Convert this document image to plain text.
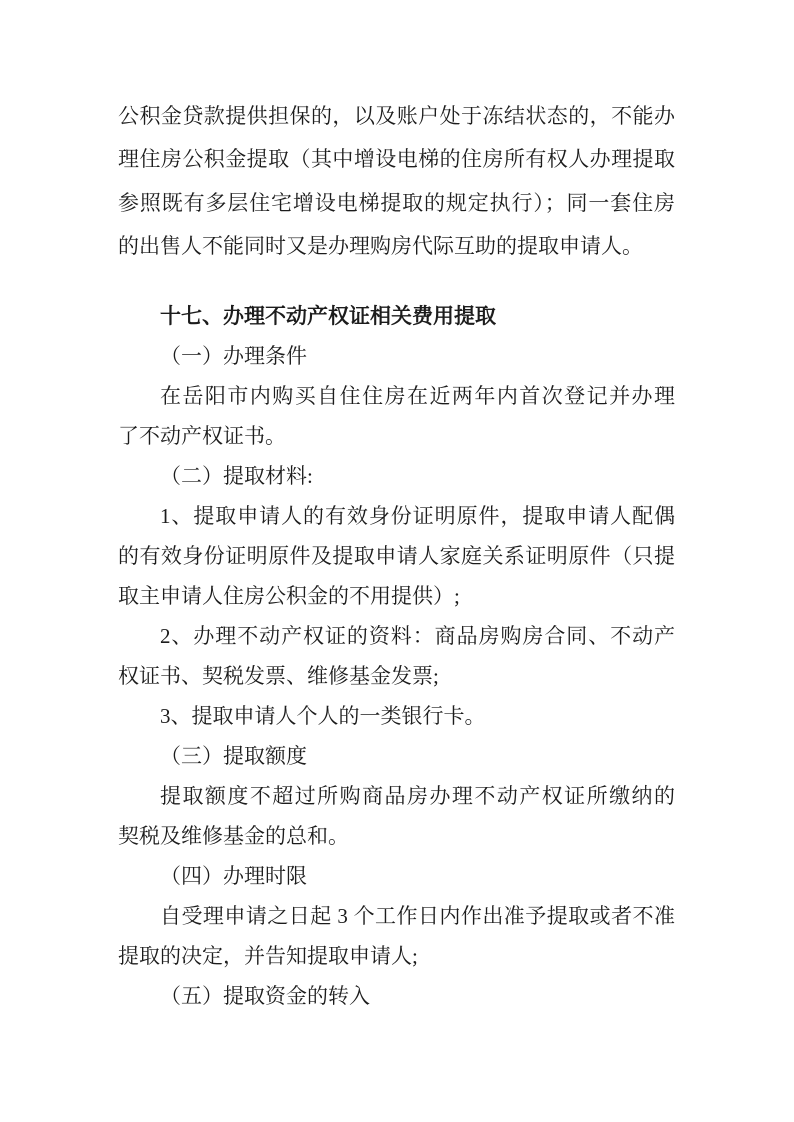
公积金贷款提供担保的，以及账户处于冻结状态的，不能办
理住房公积金提取（其中增设电梯的住房所有权人办理提取
参照既有多层住宅增设电梯提取的规定执行）；同一套住房
的出售人不能同时又是办理购房代际互助的提取申请人。
十七、办理不动产权证相关费用提取
（一）办理条件
在岳阳市内购买自住住房在近两年内首次登记并办理
了不动产权证书。
（二）提取材料:
1、提取申请人的有效身份证明原件，提取申请人配偶
的有效身份证明原件及提取申请人家庭关系证明原件（只提
取主申请人住房公积金的不用提供）;
2、办理不动产权证的资料：商品房购房合同、不动产
权证书、契税发票、维修基金发票;
3、提取申请人个人的一类银行卡。
（三）提取额度
提取额度不超过所购商品房办理不动产权证所缴纳的
契税及维修基金的总和。
（四）办理时限
自受理申请之日起 3 个工作日内作出准予提取或者不准
提取的决定，并告知提取申请人;
（五）提取资金的转入
